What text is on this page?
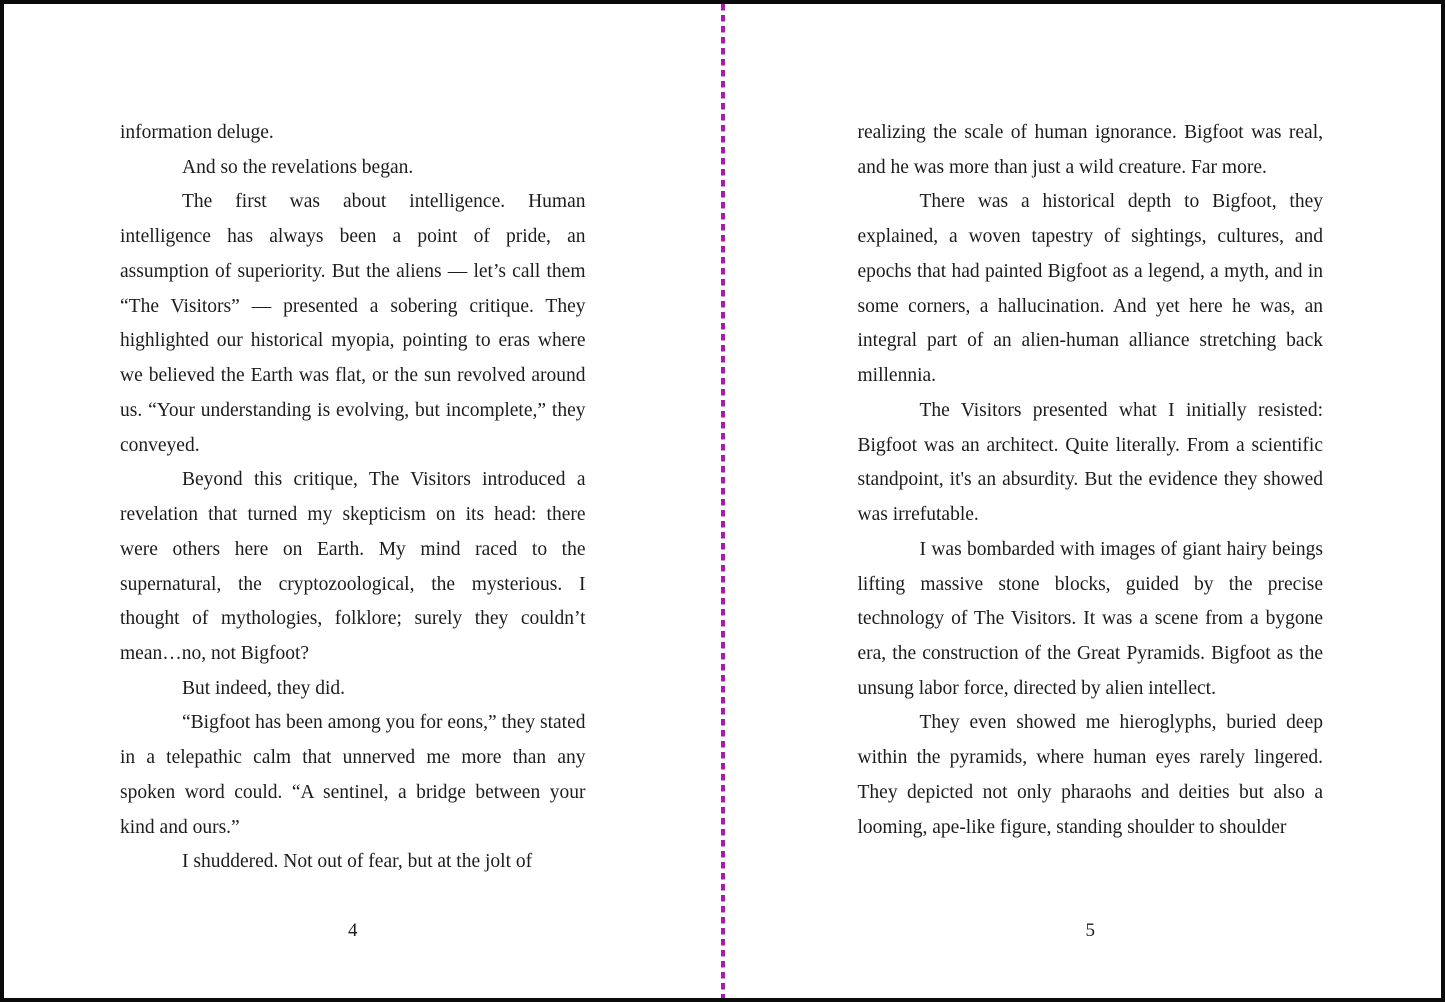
information deluge.

And so the revelations began.

The first was about intelligence. Human intelligence has always been a point of pride, an assumption of superiority. But the aliens — let’s call them “The Visitors” — presented a sobering critique. They highlighted our historical myopia, pointing to eras where we believed the Earth was flat, or the sun revolved around us. “Your understanding is evolving, but incomplete,” they conveyed.

Beyond this critique, The Visitors introduced a revelation that turned my skepticism on its head: there were others here on Earth. My mind raced to the supernatural, the cryptozoological, the mysterious. I thought of mythologies, folklore; surely they couldn’t mean…no, not Bigfoot?

But indeed, they did.

“Bigfoot has been among you for eons,” they stated in a telepathic calm that unnerved me more than any spoken word could. “A sentinel, a bridge between your kind and ours.”

I shuddered. Not out of fear, but at the jolt of

4

realizing the scale of human ignorance. Bigfoot was real, and he was more than just a wild creature. Far more.

There was a historical depth to Bigfoot, they explained, a woven tapestry of sightings, cultures, and epochs that had painted Bigfoot as a legend, a myth, and in some corners, a hallucination. And yet here he was, an integral part of an alien-human alliance stretching back millennia.

The Visitors presented what I initially resisted: Bigfoot was an architect. Quite literally. From a scientific standpoint, it's an absurdity. But the evidence they showed was irrefutable.

I was bombarded with images of giant hairy beings lifting massive stone blocks, guided by the precise technology of The Visitors. It was a scene from a bygone era, the construction of the Great Pyramids. Bigfoot as the unsung labor force, directed by alien intellect.

They even showed me hieroglyphs, buried deep within the pyramids, where human eyes rarely lingered. They depicted not only pharaohs and deities but also a looming, ape-like figure, standing shoulder to shoulder

5
